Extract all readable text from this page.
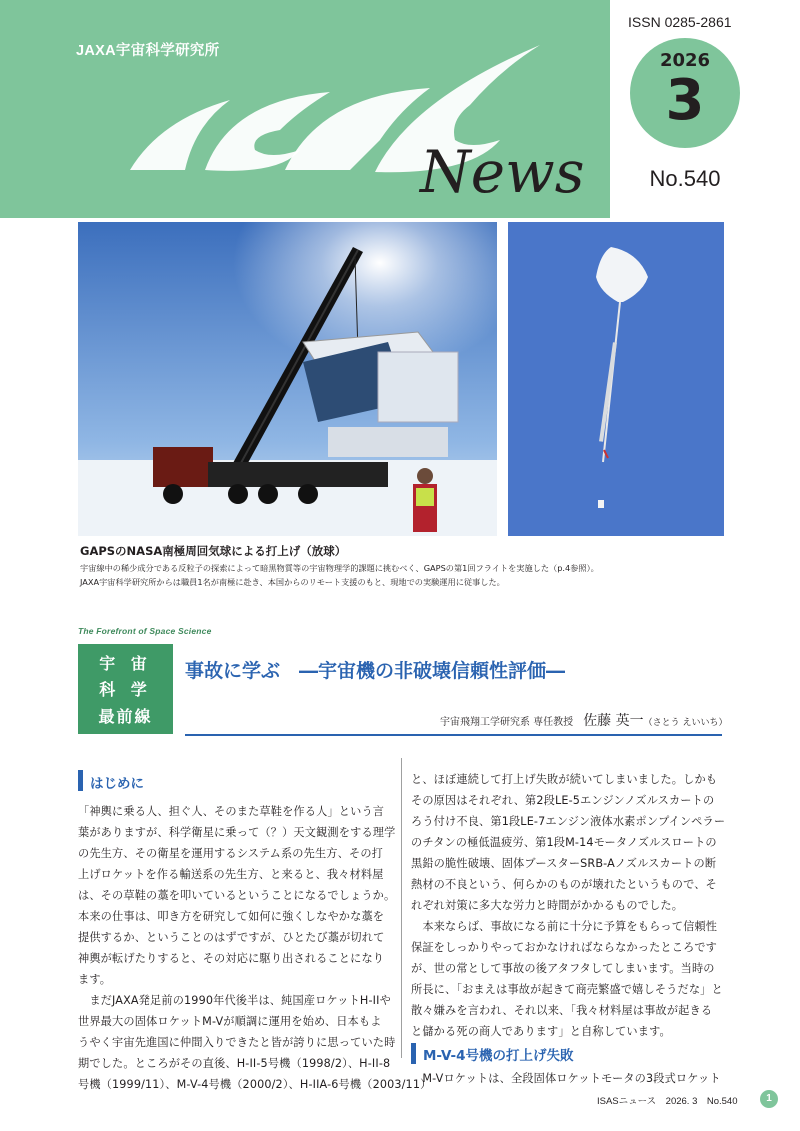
News
JAXA宇宙科学研究所
ISSN 0285-2861
2026
3
No.540
GAPSのNASA南極周回気球による打上げ（放球）
宇宙線中の稀少成分である反粒子の探索によって暗黒物質等の宇宙物理学的課題に挑むべく、GAPSの第1回フライトを実施した（p.4参照）。
JAXA宇宙科学研究所からは職員1名が南極に赴き、本国からのリモート支援のもと、現地での実験運用に従事した。
The Forefront of Space Science
宇 宙
科 学
最前線
事故に学ぶ　―宇宙機の非破壊信頼性評価―
宇宙飛翔工学研究系 専任教授 佐藤 英一（さとう えいいち）
はじめに
「神輿に乗る人、担ぐ人、そのまた草鞋を作る人」という言
葉がありますが、科学衛星に乗って（？）天文観測をする理学
の先生方、その衛星を運用するシステム系の先生方、その打
上げロケットを作る輸送系の先生方、と来ると、我々材料屋
は、その草鞋の藁を叩いているということになるでしょうか。
本来の仕事は、叩き方を研究して如何に強くしなやかな藁を
提供するか、ということのはずですが、ひとたび藁が切れて
神輿が転げたりすると、その対応に駆り出されることになり
ます。
　まだJAXA発足前の1990年代後半は、純国産ロケットH-IIや
世界最大の固体ロケットM-Vが順調に運用を始め、日本もよ
うやく宇宙先進国に仲間入りできたと皆が誇りに思っていた時
期でした。ところがその直後、H-II-5号機（1998/2）、H-II-8
号機（1999/11）、M-V-4号機（2000/2）、H-IIA-6号機（2003/11）
と、ほぼ連続して打上げ失敗が続いてしまいました。しかも
その原因はそれぞれ、第2段LE-5エンジンノズルスカートの
ろう付け不良、第1段LE-7エンジン液体水素ポンプインペラー
のチタンの極低温疲労、第1段M-14モータノズルスロートの
黒鉛の脆性破壊、固体ブースターSRB-Aノズルスカートの断
熱材の不良という、何らかのものが壊れたというもので、そ
れぞれ対策に多大な労力と時間がかかるものでした。
　本来ならば、事故になる前に十分に予算をもらって信頼性
保証をしっかりやっておかなければならなかったところです
が、世の常として事故の後アタフタしてしまいます。当時の
所長に、「おまえは事故が起きて商売繁盛で嬉しそうだな」と
散々嫌みを言われ、それ以来、「我々材料屋は事故が起きる
と儲かる死の商人であります」と自称しています。
M-V-4号機の打上げ失敗
　M-Vロケットは、全段固体ロケットモータの3段式ロケット
ISASニュース　2026. 3　No.540	1
